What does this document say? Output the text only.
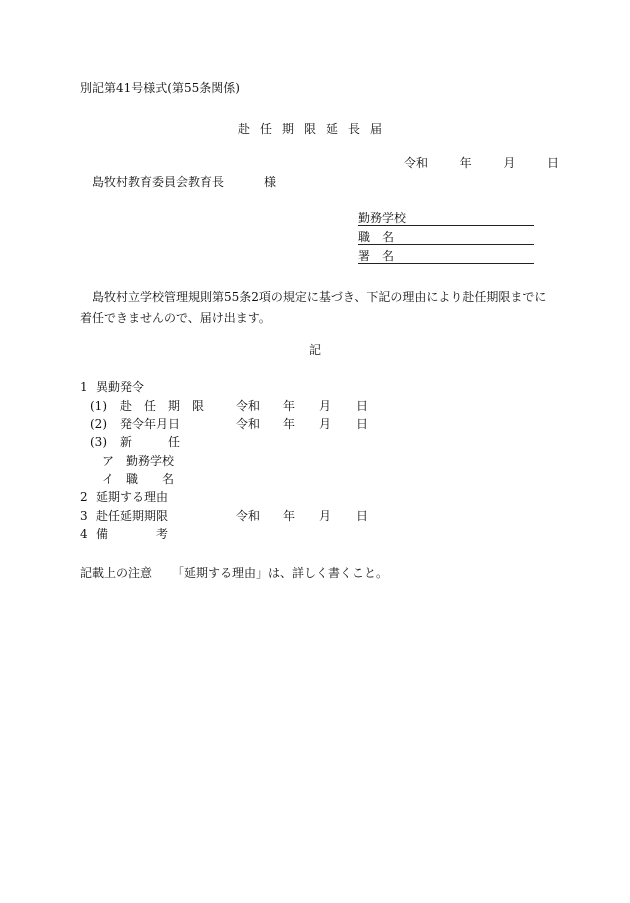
別記第41号様式(第55条関係)
赴任期限延長届
令和	年	月	日
島牧村教育委員会教育長	様
勤務学校
職　名
署　名
島牧村立学校管理規則第55条2項の規定に基づき、下記の理由により赴任期限までに着任できませんので、届け出ます。
記
1 異動発令
(1) 赴任期限 令和 年 月 日
(2) 発令年月日	令和 年 月 日
(3) 新任
ア 勤務学校
イ 職名
2 延期する理由
3 赴任延期期限	令和 年 月 日
4 備考
記載上の注意 「延期する理由」は、詳しく書くこと。
